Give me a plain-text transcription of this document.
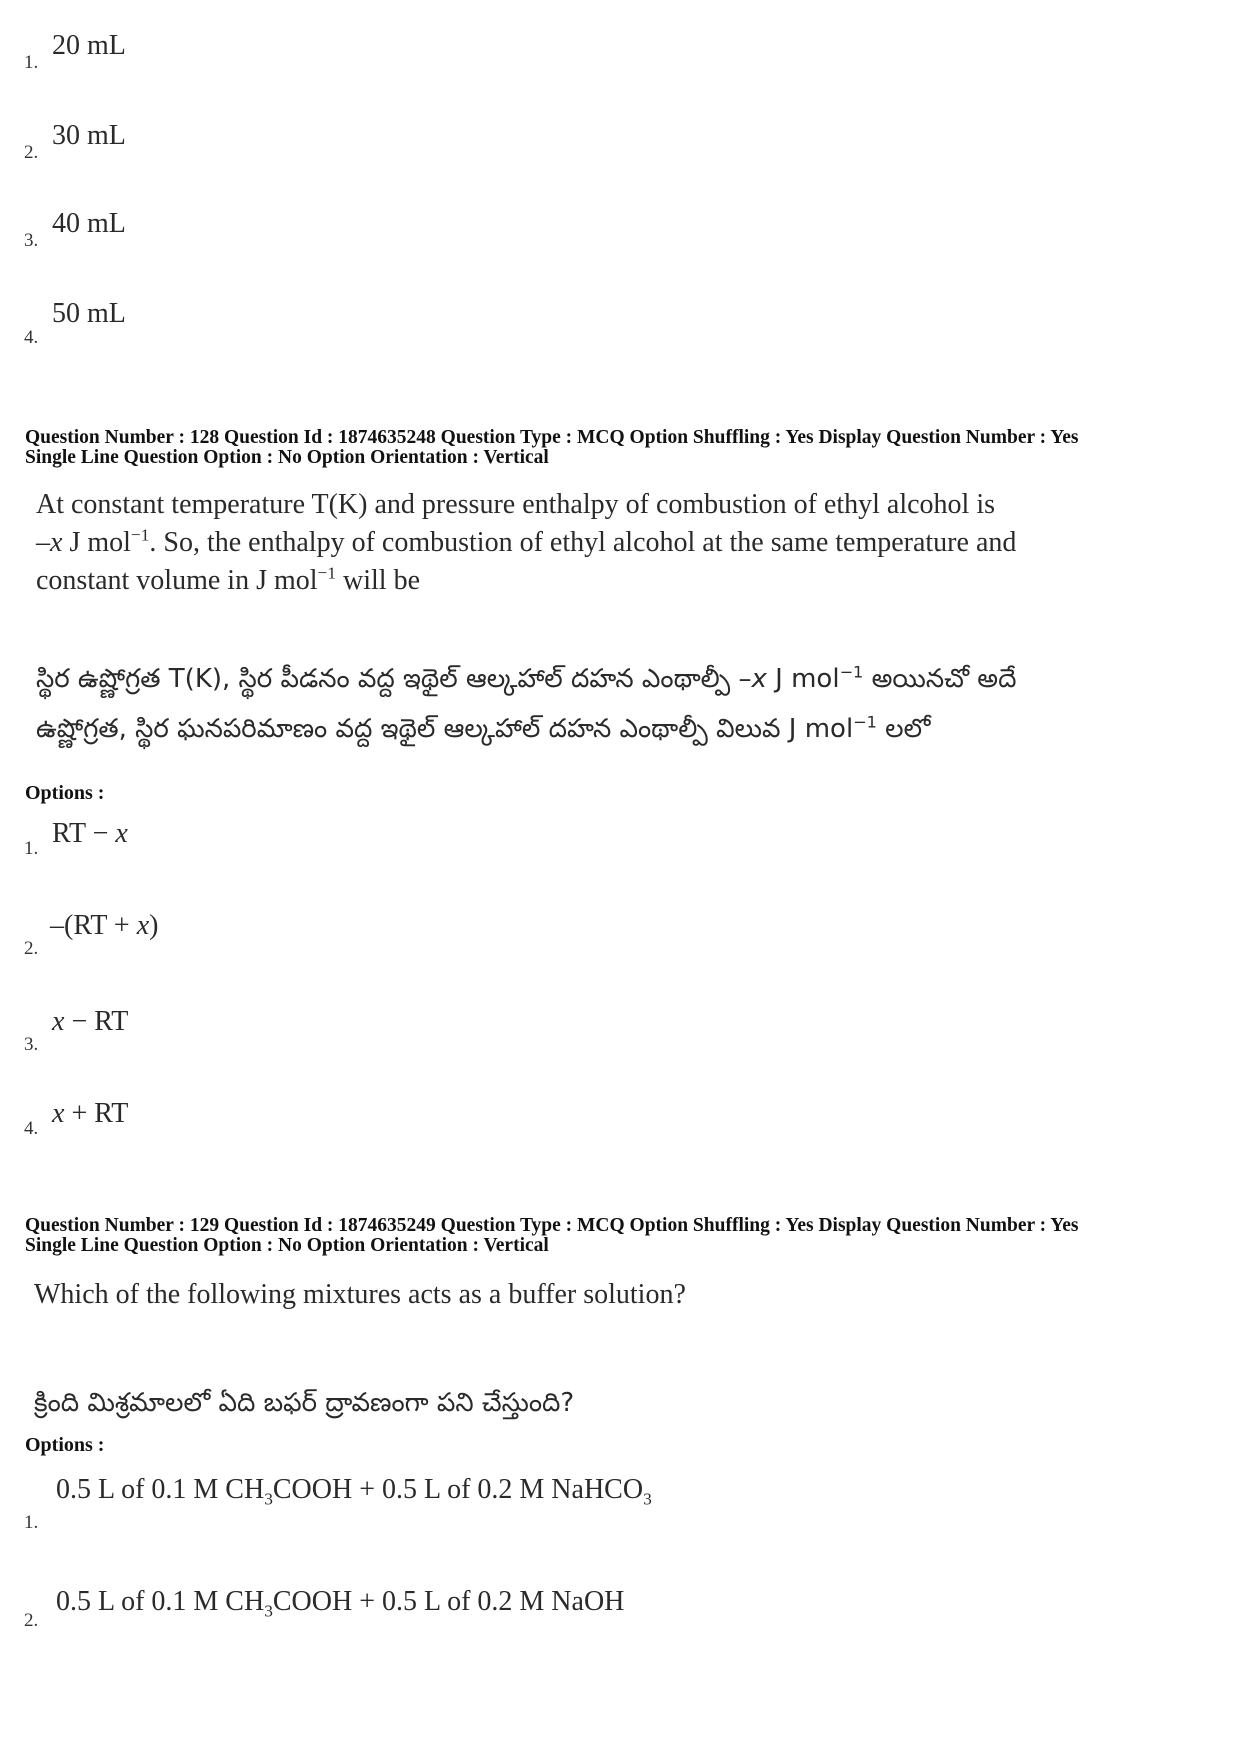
1.
20 mL
2.
30 mL
3.
40 mL
4.
50 mL
Question Number : 128 Question Id : 1874635248 Question Type : MCQ Option Shuffling : Yes Display Question Number : Yes
Single Line Question Option : No Option Orientation : Vertical
At constant temperature T(K) and pressure enthalpy of combustion of ethyl alcohol is
–x J mol$^{-1}$. So, the enthalpy of combustion of ethyl alcohol at the same temperature and
constant volume in J mol$^{-1}$ will be
స్థిర ఉష్ణోగ్రత T(K), స్థిర పీడనం వద్ద ఇథైల్ ఆల్కహాల్ దహన ఎంథాల్పీ –x J mol$^{-1}$ అయినచో అదే
ఉష్ణోగ్రత, స్థిర ఘనపరిమాణం వద్ద ఇథైల్ ఆల్కహాల్ దహన ఎంథాల్పీ విలువ J mol$^{-1}$ లలో
Options :
1. RT − x
2.
–(RT + x)
3.
x − RT
4. x + RT
Question Number : 129 Question Id : 1874635249 Question Type : MCQ Option Shuffling : Yes Display Question Number : Yes
Single Line Question Option : No Option Orientation : Vertical
Which of the following mixtures acts as a buffer solution?
క్రింది మిశ్రమాలలో ఏది బఫర్ ద్రావణంగా పని చేస్తుంది?
Options :
1.
0.5 L of 0.1 M $CH_3COOH + 0.5$ L of 0.2 M NaHCO$_3$
2.
0.5 L of 0.1 M $CH_3COOH + 0.5$ L of 0.2 M NaOH
